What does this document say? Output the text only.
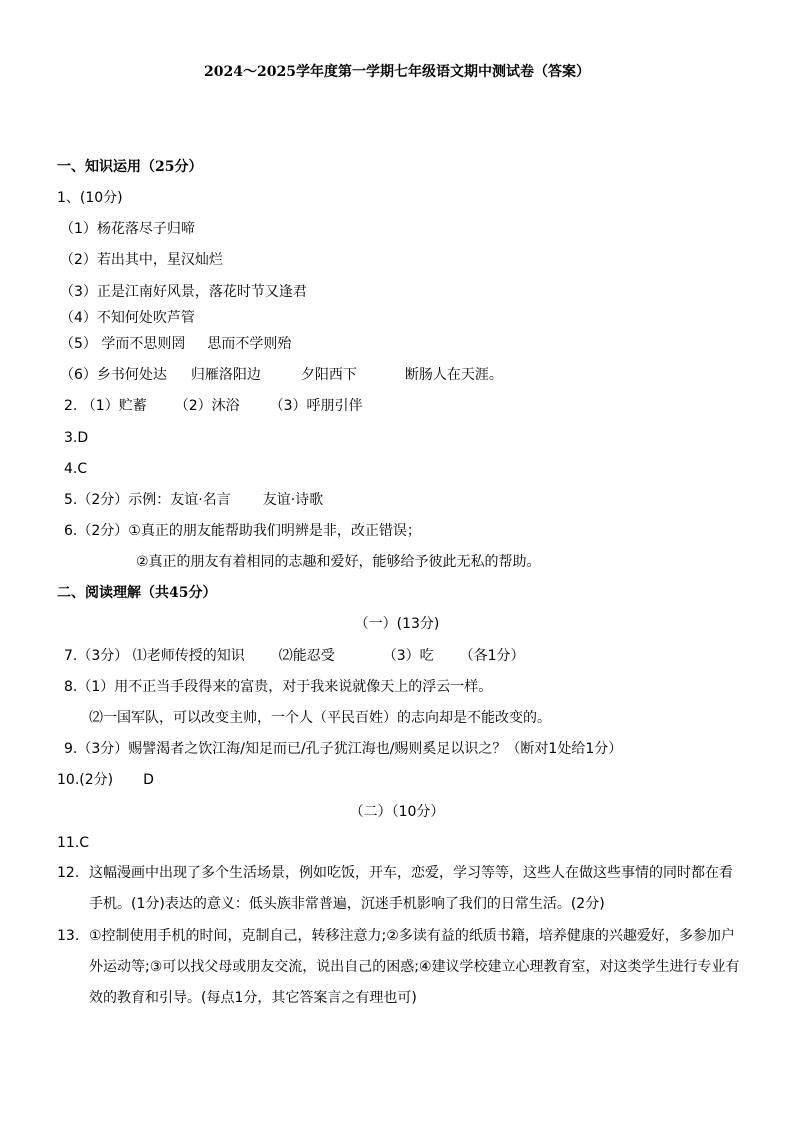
2024～2025学年度第一学期七年级语文期中测试卷（答案）
一、知识运用（25分）
1、(10分)
（1）杨花落尽子归啼
（2）若出其中，星汉灿烂
（3）正是江南好风景，落花时节又逢君
（4）不知何处吹芦管
（5） 学而不思则罔 思而不学则殆
（6）乡书何处达 归雁洛阳边	夕阳西下	断肠人在天涯。
2. （1）贮蓄 （2）沐浴 （3）呼朋引伴
3.D
4.C
5.（2分）示例：友谊·名言 友谊·诗歌
6.（2分）①真正的朋友能帮助我们明辨是非，改正错误；
②真正的朋友有着相同的志趣和爱好，能够给予彼此无私的帮助。
二、阅读理解（共45分）
（一）(13分)
7.（3分） ⑴老师传授的知识 ⑵能忍受	（3）吃 （各1分）
8.（1）用不正当手段得来的富贵，对于我来说就像天上的浮云一样。
⑵一国军队，可以改变主帅，一个人（平民百姓）的志向却是不能改变的。
9.（3分）赐譬渴者之饮江海/知足而已/孔子犹江海也/赐则奚足以识之？（断对1处给1分）
10.(2分) D
（二）（10分）
11.C
12. 这幅漫画中出现了多个生活场景，例如吃饭，开车，恋爱，学习等等，这些人在做这些事情的同时都在看手机。(1分)表达的意义：低头族非常普遍，沉迷手机影响了我们的日常生活。(2分)
13. ①控制使用手机的时间，克制自己，转移注意力;②多读有益的纸质书籍，培养健康的兴趣爱好，多参加户外运动等;③可以找父母或朋友交流，说出自己的困惑;④建议学校建立心理教育室，对这类学生进行专业有效的教育和引导。(每点1分，其它答案言之有理也可)
